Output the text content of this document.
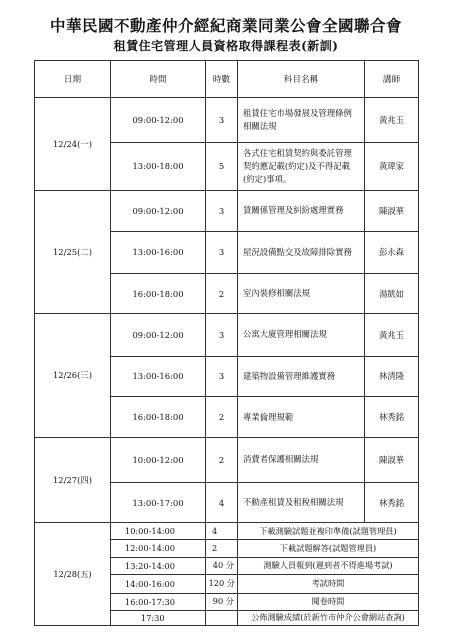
中華民國不動產仲介經紀商業同業公會全國聯合會
租賃住宅管理人員資格取得課程表(新訓)
日期	時間	時數	科目名稱	講師
12/24(一)	09:00-12:00	3	租賃住宅市場發展及管理條例相關法規	黃兆玉
	13:00-18:00	5	各式住宅租賃契約與委託管理契約應記載(約定)及不得記載(約定)事項。	黃瑋家
12/25(二)	09:00-12:00	3	賃關係管理及糾紛處理實務	陳淑華
	13:00-16:00	3	屋況設備點交及故障排除實務	彭永森
	16:00-18:00	2	室內裝修相關法規	湯凱如
12/26(三)	09:00-12:00	3	公寓大廈管理相關法規	黃兆玉
	13:00-16:00	3	建築物設備管理維護實務	林清隆
	16:00-18:00	2	專業倫理規範	林秀銘
12/27(四)	10:00-12:00	2	消費者保護相關法規	陳淑華
	13:00-17:00	4	不動產租賃及租稅相關法規	林秀銘
12/28(五)	10:00-14:00	4	下載測驗試題並複印準備(試題管理員)	
	12:00-14:00	2	下載試題解答(試題管理員)	
	13:20-14:00	40 分	測驗人員報到(遲到者不得進場考試)	
	14:00-16:00	120 分	考試時間	
	16:00-17:30	90 分	閱卷時間	
	17:30		公佈測驗成績(於新竹市仲介公會網站查詢)	
